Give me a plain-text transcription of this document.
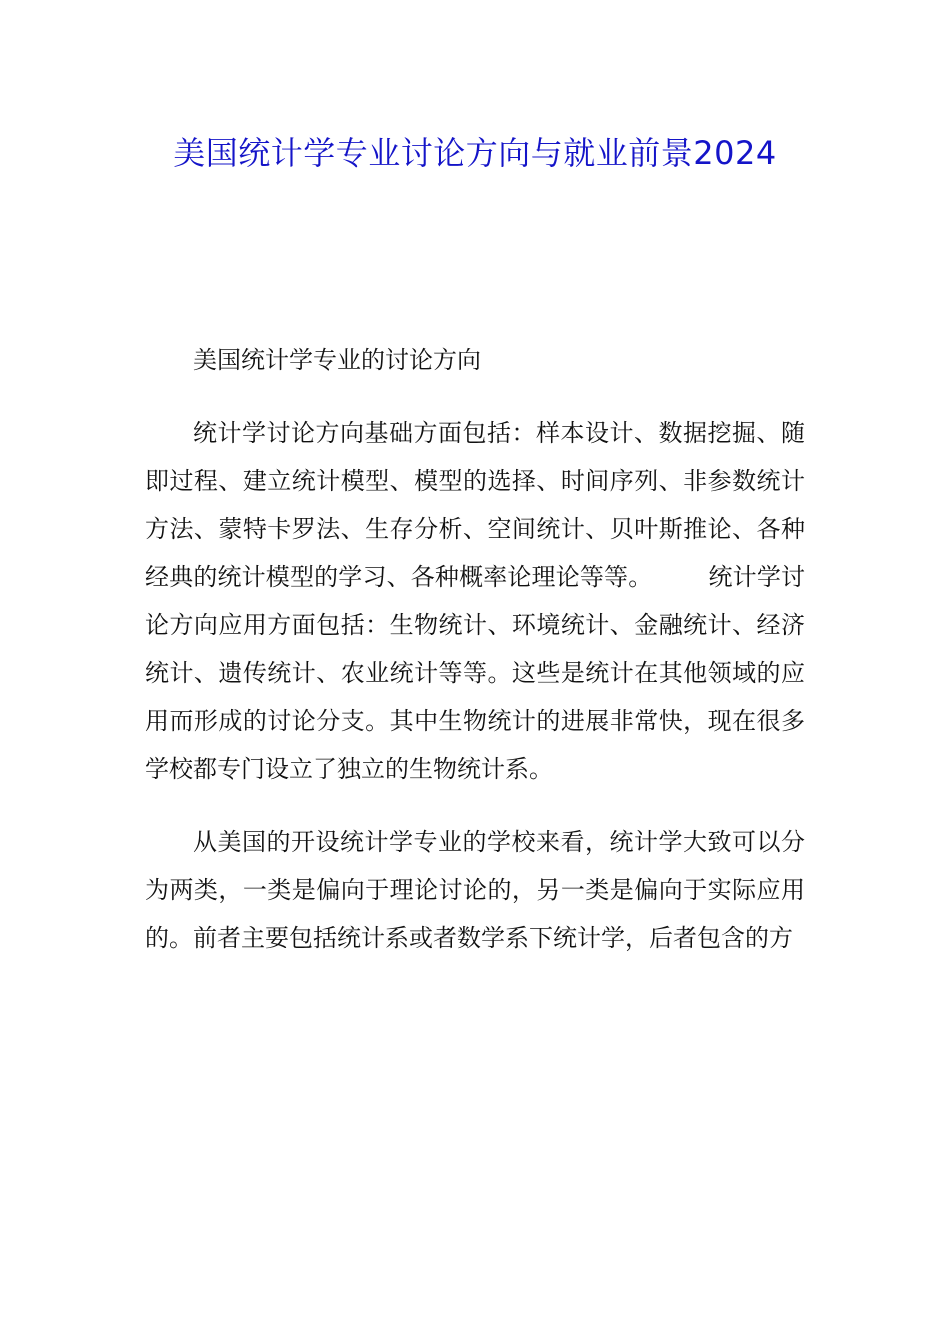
美国统计学专业讨论方向与就业前景2024

美国统计学专业的讨论方向

统计学讨论方向基础方面包括：样本设计、数据挖掘、随即过程、建立统计模型、模型的选择、时间序列、非参数统计方法、蒙特卡罗法、生存分析、空间统计、贝叶斯推论、各种经典的统计模型的学习、各种概率论理论等等。 统计学讨论方向应用方面包括：生物统计、环境统计、金融统计、经济统计、遗传统计、农业统计等等。这些是统计在其他领域的应用而形成的讨论分支。其中生物统计的进展非常快，现在很多学校都专门设立了独立的生物统计系。

从美国的开设统计学专业的学校来看，统计学大致可以分为两类，一类是偏向于理论讨论的，另一类是偏向于实际应用的。前者主要包括统计系或者数学系下统计学，后者包含的方
